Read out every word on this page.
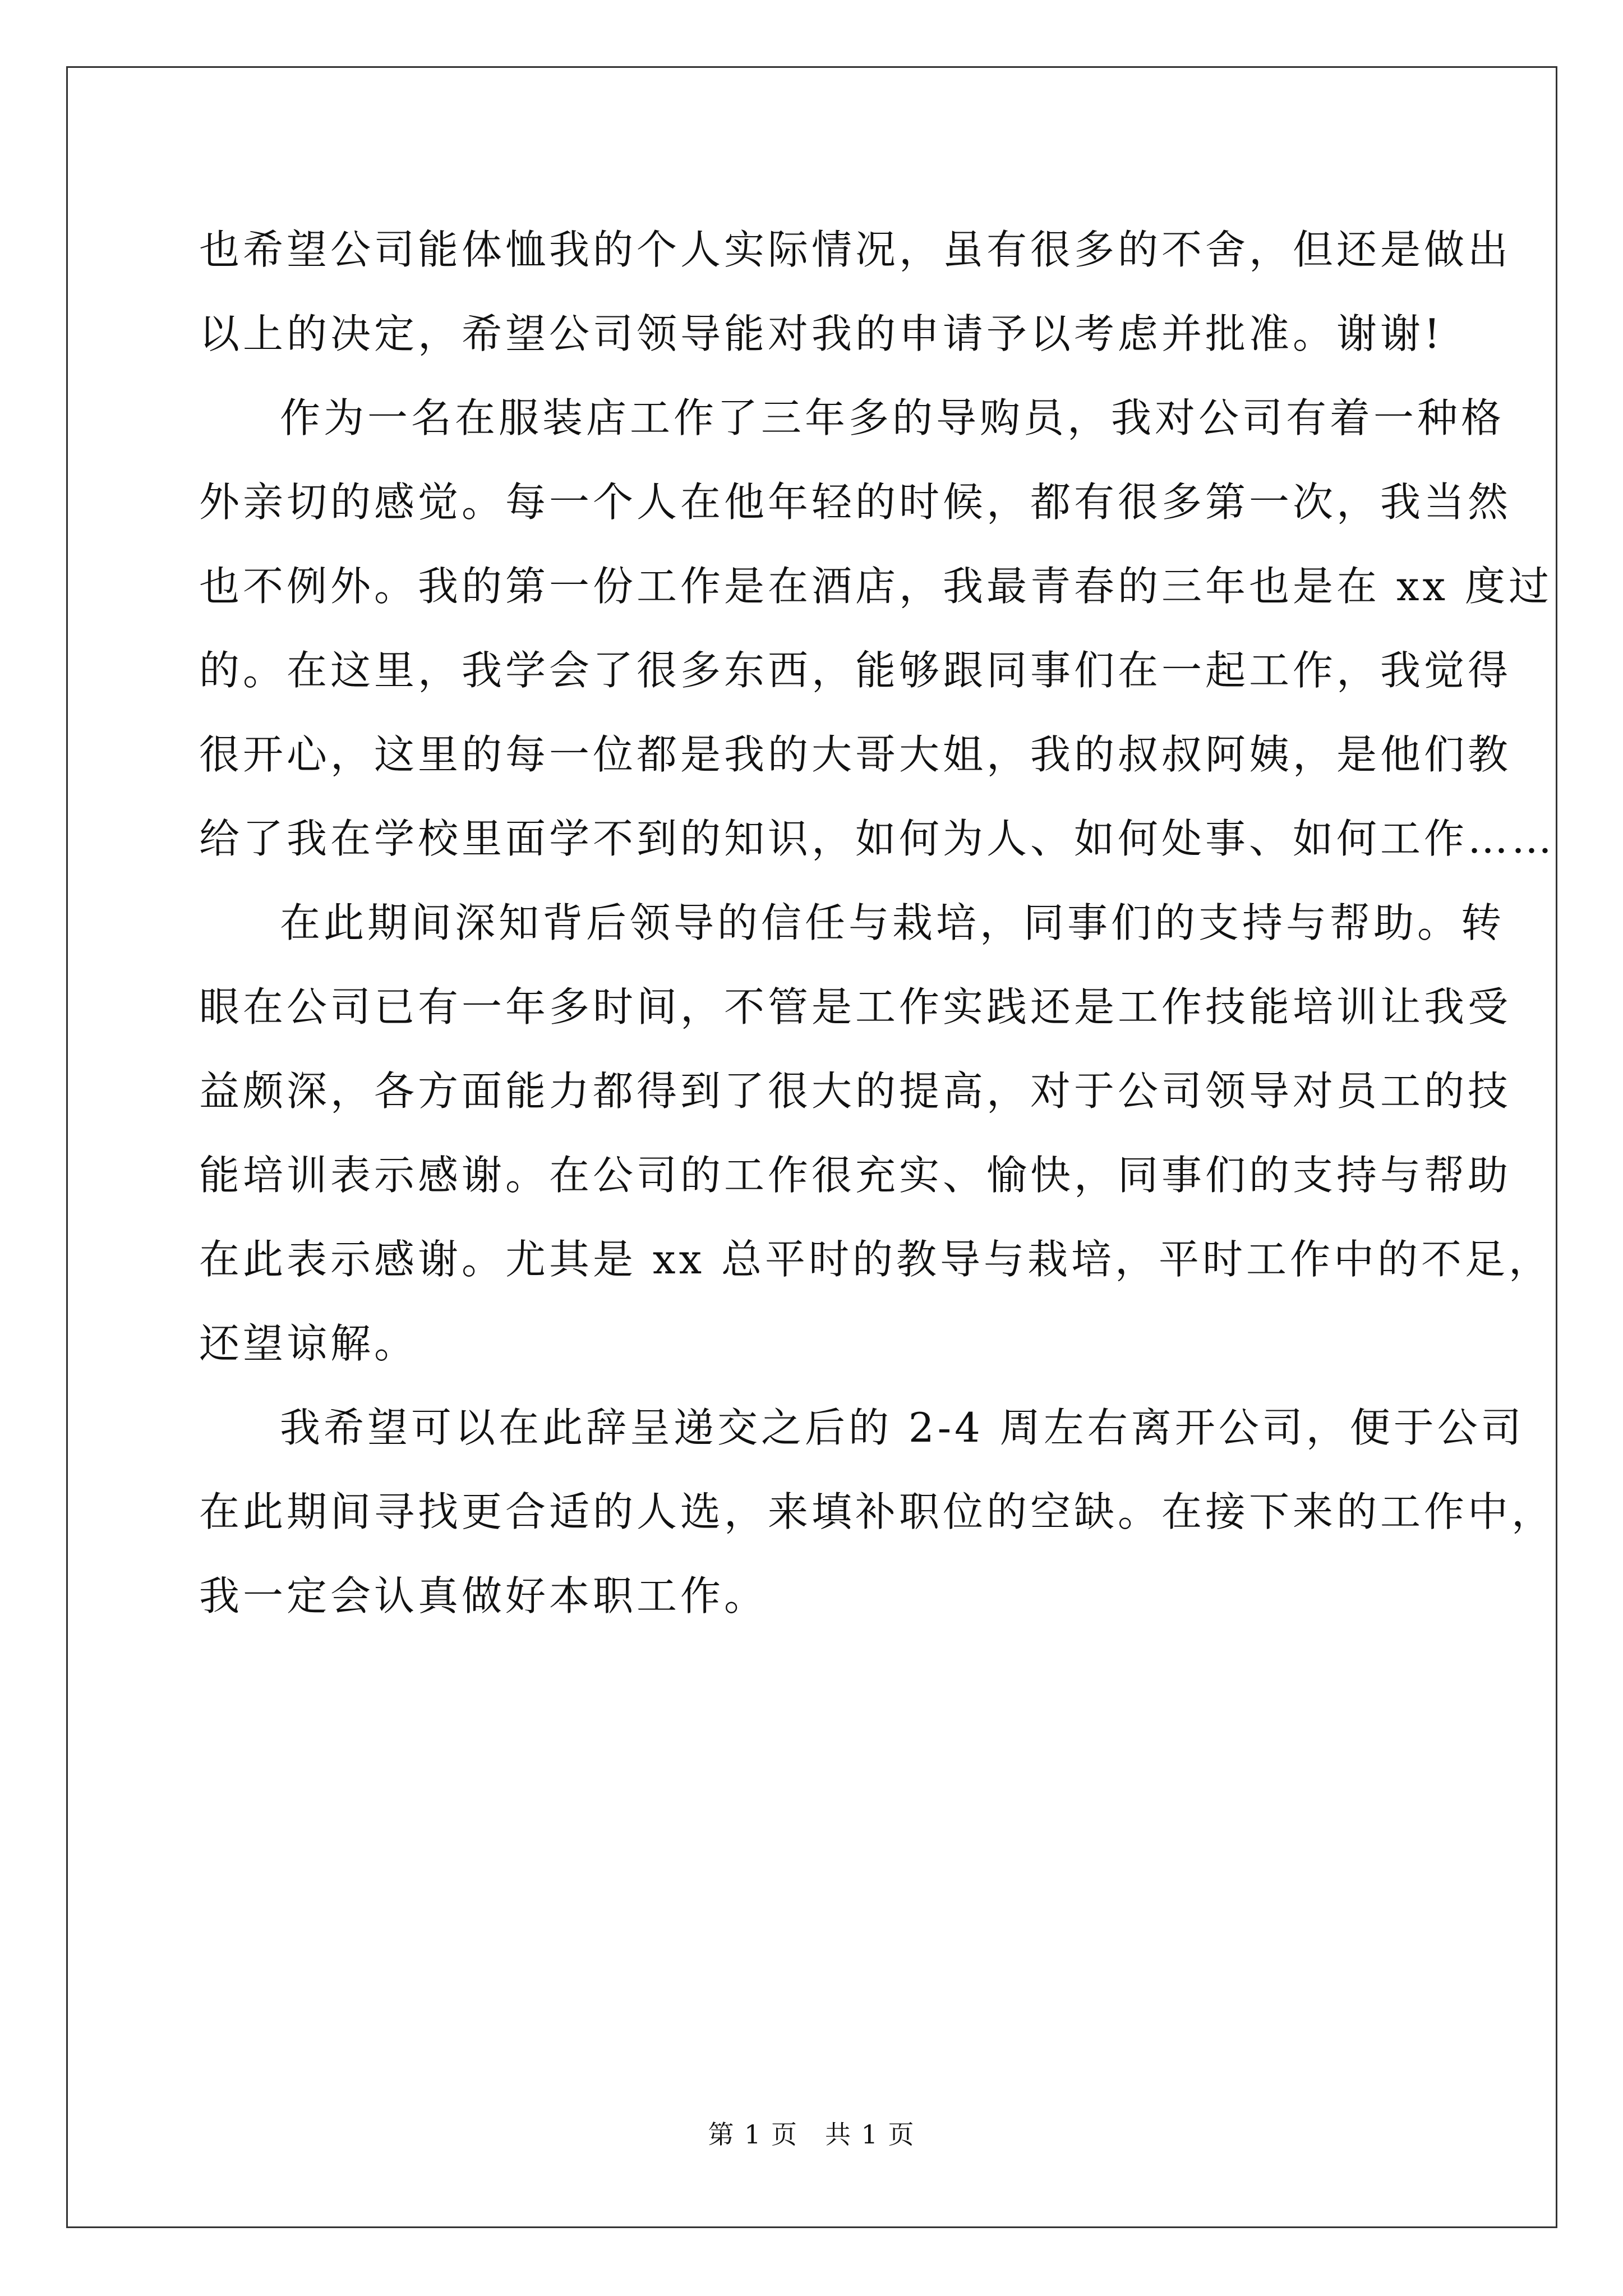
也希望公司能体恤我的个人实际情况，虽有很多的不舍，但还是做出
以上的决定，希望公司领导能对我的申请予以考虑并批准。谢谢!
作为一名在服装店工作了三年多的导购员，我对公司有着一种格
外亲切的感觉。每一个人在他年轻的时候，都有很多第一次，我当然
也不例外。我的第一份工作是在酒店，我最青春的三年也是在 xx 度过
的。在这里，我学会了很多东西，能够跟同事们在一起工作，我觉得
很开心，这里的每一位都是我的大哥大姐，我的叔叔阿姨，是他们教
给了我在学校里面学不到的知识，如何为人、如何处事、如何工作……
在此期间深知背后领导的信任与栽培，同事们的支持与帮助。转
眼在公司已有一年多时间，不管是工作实践还是工作技能培训让我受
益颇深，各方面能力都得到了很大的提高，对于公司领导对员工的技
能培训表示感谢。在公司的工作很充实、愉快，同事们的支持与帮助
在此表示感谢。尤其是 xx 总平时的教导与栽培，平时工作中的不足，
还望谅解。
我希望可以在此辞呈递交之后的 2-4 周左右离开公司，便于公司
在此期间寻找更合适的人选，来填补职位的空缺。在接下来的工作中，
我一定会认真做好本职工作。
第 1 页　共 1 页
